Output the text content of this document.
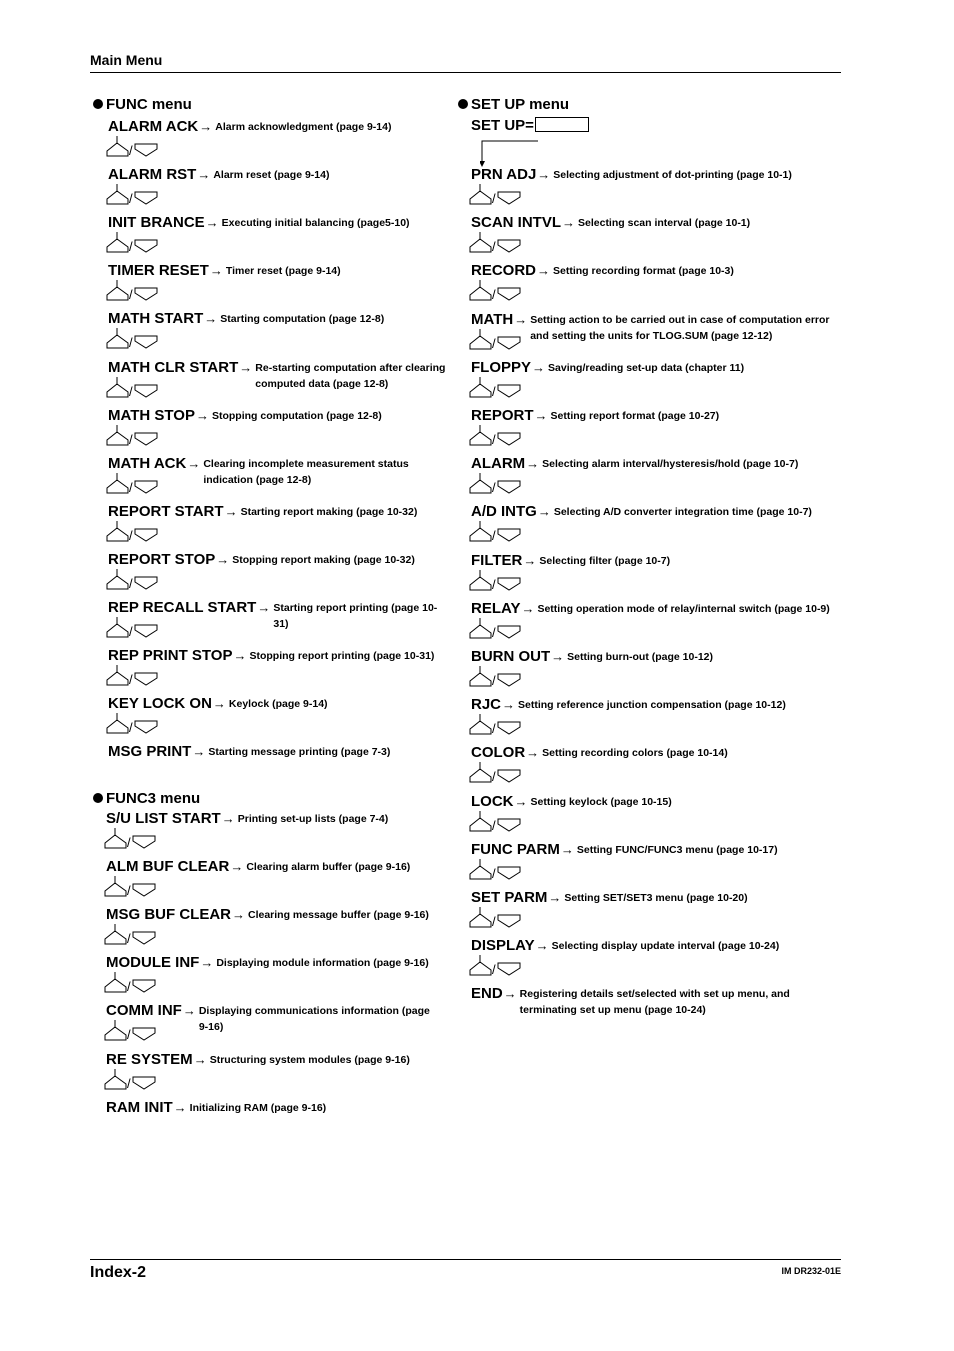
Main Menu
FUNC menu
ALARM ACK → Alarm acknowledgment (page 9-14)
/
ALARM RST → Alarm reset (page 9-14)
/
INIT BRANCE → Executing initial balancing (page5-10)
/
TIMER RESET → Timer reset (page 9-14)
/
MATH START → Starting computation (page 12-8)
/
MATH CLR START → Re-starting computation after clearing computed data (page 12-8)
/
MATH STOP → Stopping computation (page 12-8)
/
MATH ACK → Clearing incomplete measurement status indication (page 12-8)
/
REPORT START → Starting report making (page 10-32)
/
REPORT STOP → Stopping report making (page 10-32)
/
REP RECALL START → Starting report printing (page 10-31)
/
REP PRINT STOP → Stopping report printing (page 10-31)
/
KEY LOCK ON → Keylock (page 9-14)
/
MSG PRINT → Starting message printing (page 7-3)
FUNC3 menu
S/U LIST START → Printing set-up lists (page 7-4)
/
ALM BUF CLEAR → Clearing alarm buffer (page 9-16)
/
MSG BUF CLEAR → Clearing message buffer (page 9-16)
/
MODULE INF → Displaying module information (page 9-16)
/
COMM INF → Displaying communications information (page 9-16)
/
RE SYSTEM → Structuring system modules (page 9-16)
/
RAM INIT → Initializing RAM (page 9-16)
SET UP menu
SET UP=
PRN ADJ → Selecting adjustment of dot-printing (page 10-1)
/
SCAN INTVL → Selecting scan interval (page 10-1)
/
RECORD → Setting recording format (page 10-3)
/
MATH → Setting action to be carried out in case of computation error and setting the units for TLOG.SUM (page 12-12)
/
FLOPPY → Saving/reading set-up data (chapter 11)
/
REPORT → Setting report format (page 10-27)
/
ALARM → Selecting alarm interval/hysteresis/hold (page 10-7)
/
A/D INTG → Selecting A/D converter integration time (page 10-7)
/
FILTER → Selecting filter (page 10-7)
/
RELAY → Setting operation mode of relay/internal switch (page 10-9)
/
BURN OUT → Setting burn-out (page 10-12)
/
RJC → Setting reference junction compensation (page 10-12)
/
COLOR → Setting recording colors (page 10-14)
/
LOCK → Setting keylock (page 10-15)
/
FUNC PARM → Setting FUNC/FUNC3 menu (page 10-17)
/
SET PARM → Setting SET/SET3 menu (page 10-20)
/
DISPLAY → Selecting display update interval (page 10-24)
/
END → Registering details set/selected with set up menu, and terminating set up menu (page 10-24)
Index-2	IM DR232-01E
